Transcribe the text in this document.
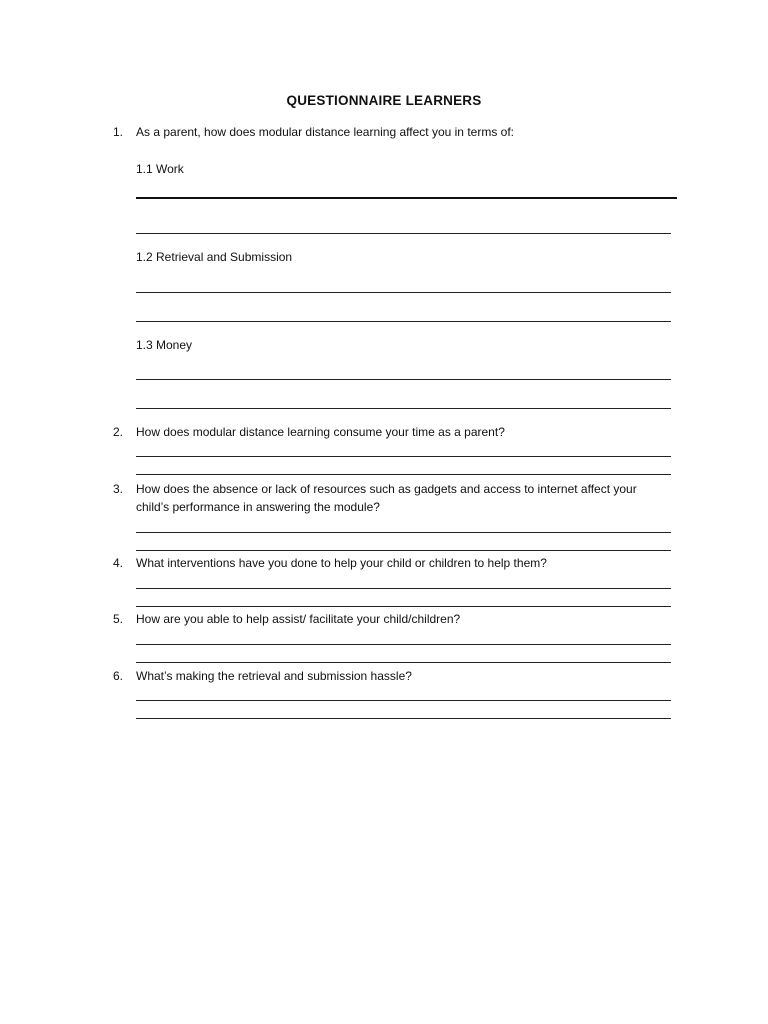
QUESTIONNAIRE LEARNERS
1. As a parent, how does modular distance learning affect you in terms of:
1.1 Work
1.2 Retrieval and Submission
1.3 Money
2. How does modular distance learning consume your time as a parent?
3. How does the absence or lack of resources such as gadgets and access to internet affect your
child’s performance in answering the module?
4. What interventions have you done to help your child or children to help them?
5. How are you able to help assist/ facilitate your child/children?
6. What’s making the retrieval and submission hassle?
